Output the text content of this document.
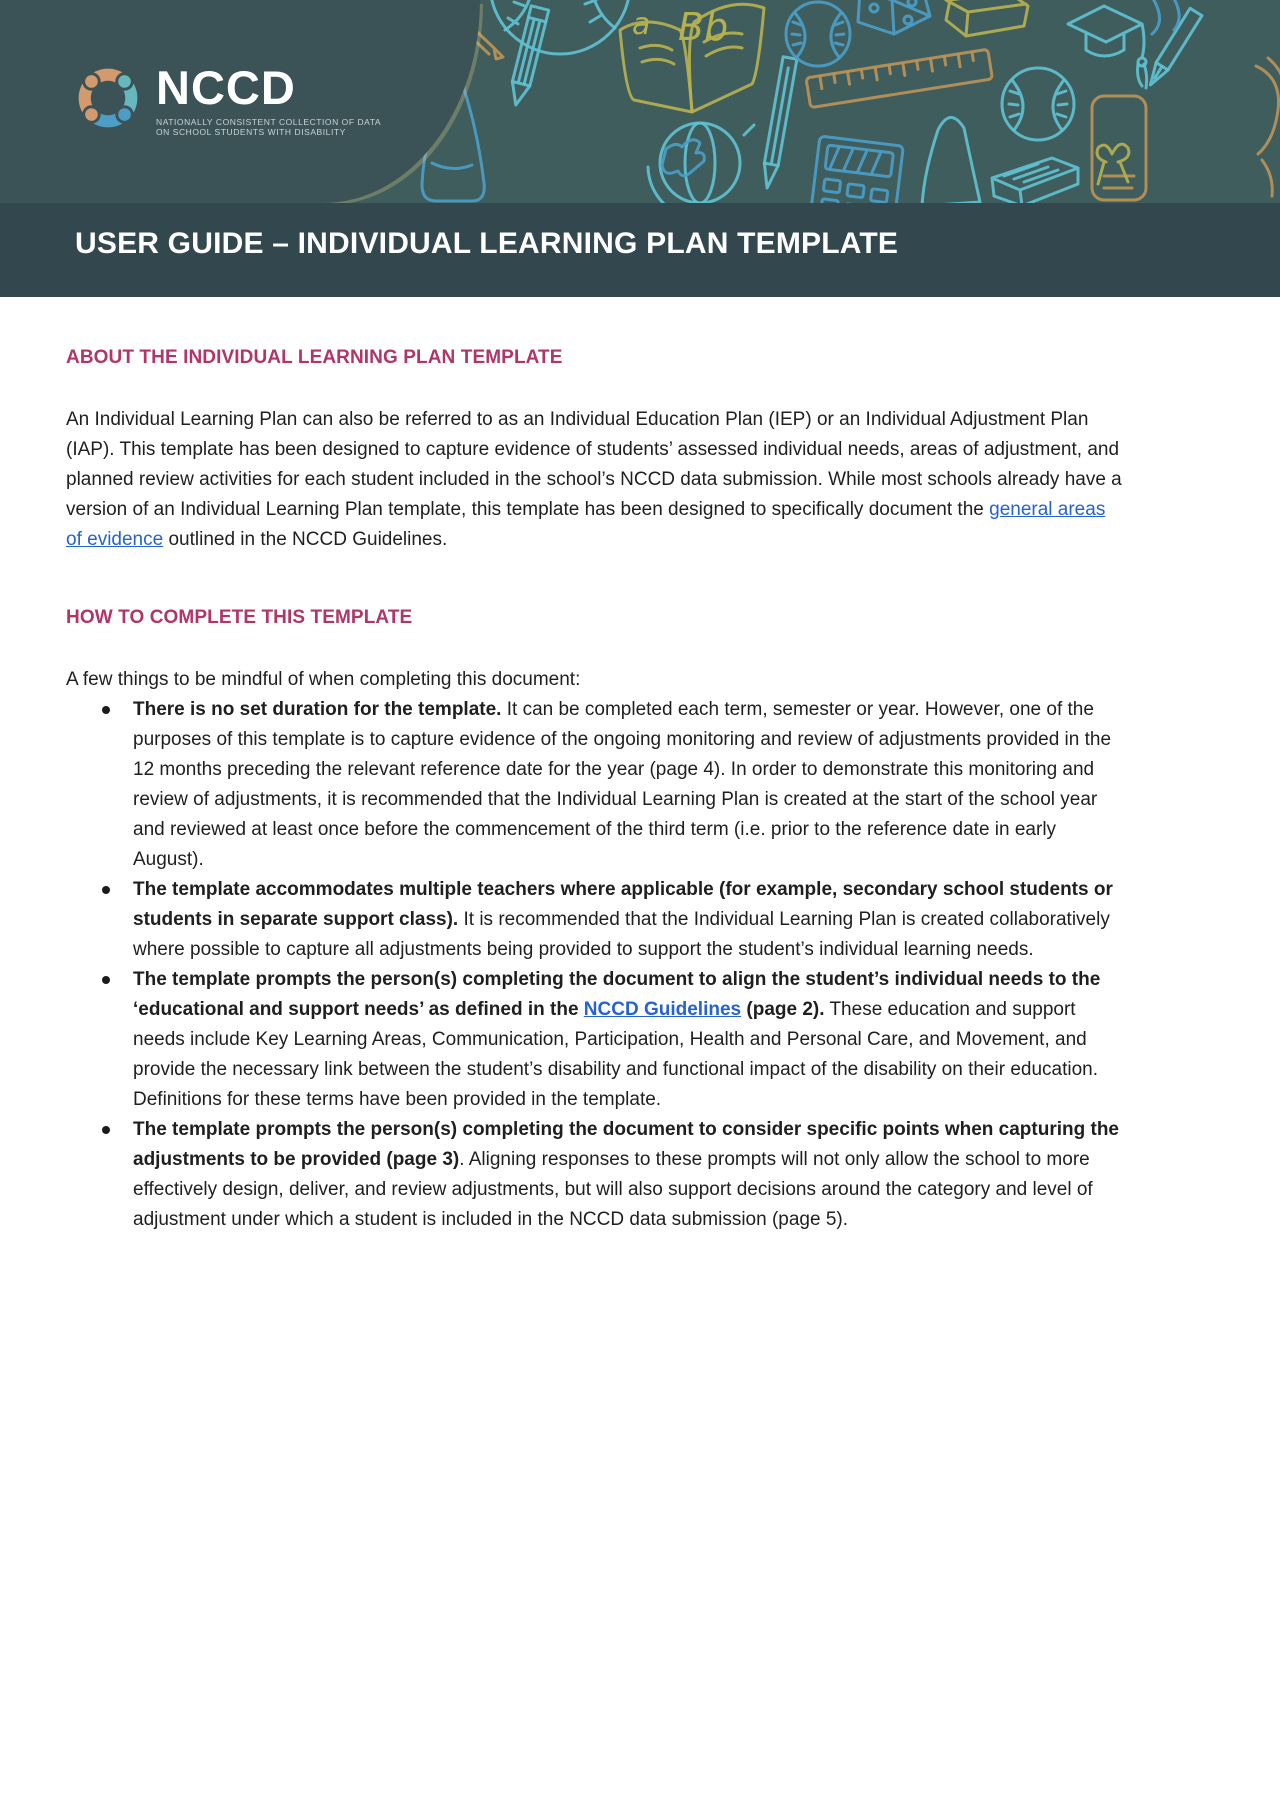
a Bb
NCCD
NATIONALLY CONSISTENT COLLECTION OF DATA
ON SCHOOL STUDENTS WITH DISABILITY
USER GUIDE – INDIVIDUAL LEARNING PLAN TEMPLATE
ABOUT THE INDIVIDUAL LEARNING PLAN TEMPLATE

An Individual Learning Plan can also be referred to as an Individual Education Plan (IEP) or an Individual Adjustment Plan (IAP). This template has been designed to capture evidence of students’ assessed individual needs, areas of adjustment, and planned review activities for each student included in the school’s NCCD data submission. While most schools already have a version of an Individual Learning Plan template, this template has been designed to specifically document the general areas of evidence outlined in the NCCD Guidelines.

HOW TO COMPLETE THIS TEMPLATE

A few things to be mindful of when completing this document:

There is no set duration for the template. It can be completed each term, semester or year. However, one of the purposes of this template is to capture evidence of the ongoing monitoring and review of adjustments provided in the 12 months preceding the relevant reference date for the year (page 4). In order to demonstrate this monitoring and review of adjustments, it is recommended that the Individual Learning Plan is created at the start of the school year and reviewed at least once before the commencement of the third term (i.e. prior to the reference date in early August).
The template accommodates multiple teachers where applicable (for example, secondary school students or students in separate support class). It is recommended that the Individual Learning Plan is created collaboratively where possible to capture all adjustments being provided to support the student’s individual learning needs.
The template prompts the person(s) completing the document to align the student’s individual needs to the ‘educational and support needs’ as defined in the NCCD Guidelines (page 2). These education and support needs include Key Learning Areas, Communication, Participation, Health and Personal Care, and Movement, and provide the necessary link between the student’s disability and functional impact of the disability on their education. Definitions for these terms have been provided in the template.
The template prompts the person(s) completing the document to consider specific points when capturing the adjustments to be provided (page 3). Aligning responses to these prompts will not only allow the school to more effectively design, deliver, and review adjustments, but will also support decisions around the category and level of adjustment under which a student is included in the NCCD data submission (page 5).
